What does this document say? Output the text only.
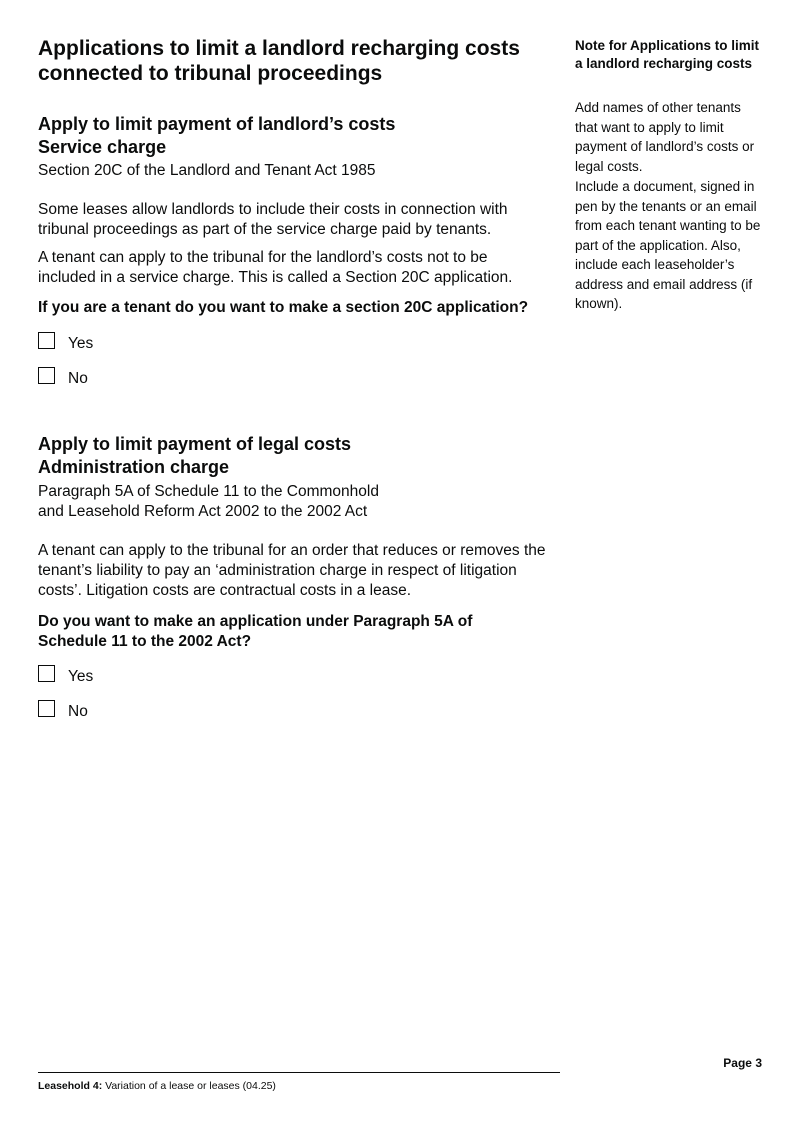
Applications to limit a landlord recharging costs connected to tribunal proceedings
Apply to limit payment of landlord’s costs
Service charge

Section 20C of the Landlord and Tenant Act 1985

Some leases allow landlords to include their costs in connection with tribunal proceedings as part of the service charge paid by tenants.

A tenant can apply to the tribunal for the landlord’s costs not to be included in a service charge. This is called a Section 20C application.

If you are a tenant do you want to make a section 20C application?

Yes
No
Apply to limit payment of legal costs
Administration charge

Paragraph 5A of Schedule 11 to the Commonhold

and Leasehold Reform Act 2002 to the 2002 Act

A tenant can apply to the tribunal for an order that reduces or removes the tenant’s liability to pay an ‘administration charge in respect of litigation costs’. Litigation costs are contractual costs in a lease.

Do you want to make an application under Paragraph 5A of Schedule 11 to the 2002 Act?

Yes
No
Note for Applications to limit a landlord recharging costs

Add names of other tenants that want to apply to limit payment of landlord’s costs or legal costs.

Include a document, signed in pen by the tenants or an email from each tenant wanting to be part of the application. Also, include each leaseholder’s address and email address (if known).

Page 3
Leasehold 4: Variation of a lease or leases (04.25)
